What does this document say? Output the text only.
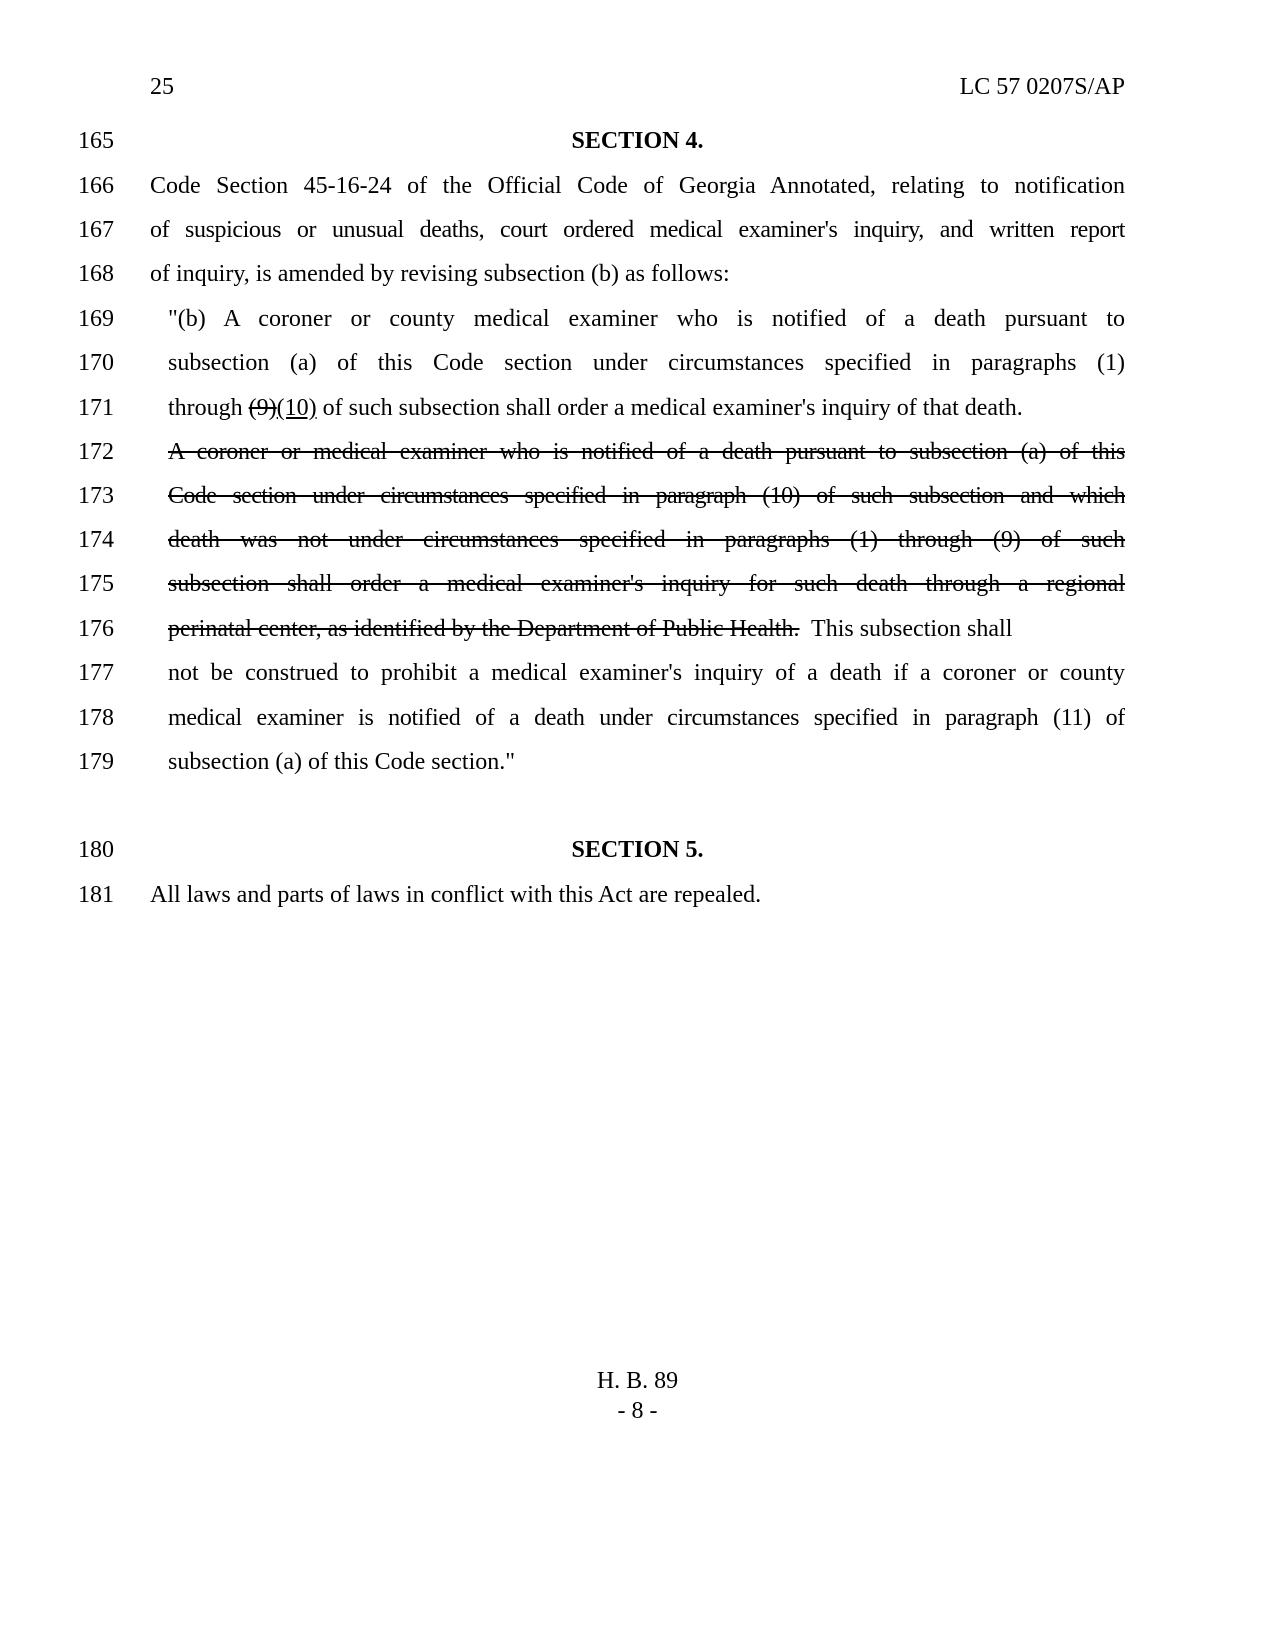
25	LC 57 0207S/AP
165	SECTION 4.
166	Code Section 45-16-24 of the Official Code of Georgia Annotated, relating to notification
167	of suspicious or unusual deaths, court ordered medical examiner's inquiry, and written report
168	of inquiry, is amended by revising subsection (b) as follows:
169	"(b) A coroner or county medical examiner who is notified of a death pursuant to
170	subsection (a) of this Code section under circumstances specified in paragraphs (1)
171	through (9)(10) of such subsection shall order a medical examiner's inquiry of that death.
172	A coroner or medical examiner who is notified of a death pursuant to subsection (a) of this
173	Code section under circumstances specified in paragraph (10) of such subsection and which
174	death was not under circumstances specified in paragraphs (1) through (9) of such
175	subsection shall order a medical examiner's inquiry for such death through a regional
176	perinatal center, as identified by the Department of Public Health.  This subsection shall
177	not be construed to prohibit a medical examiner's inquiry of a death if a coroner or county
178	medical examiner is notified of a death under circumstances specified in paragraph (11) of
179	subsection (a) of this Code section."
180	SECTION 5.
181	All laws and parts of laws in conflict with this Act are repealed.
H. B. 89
- 8 -
